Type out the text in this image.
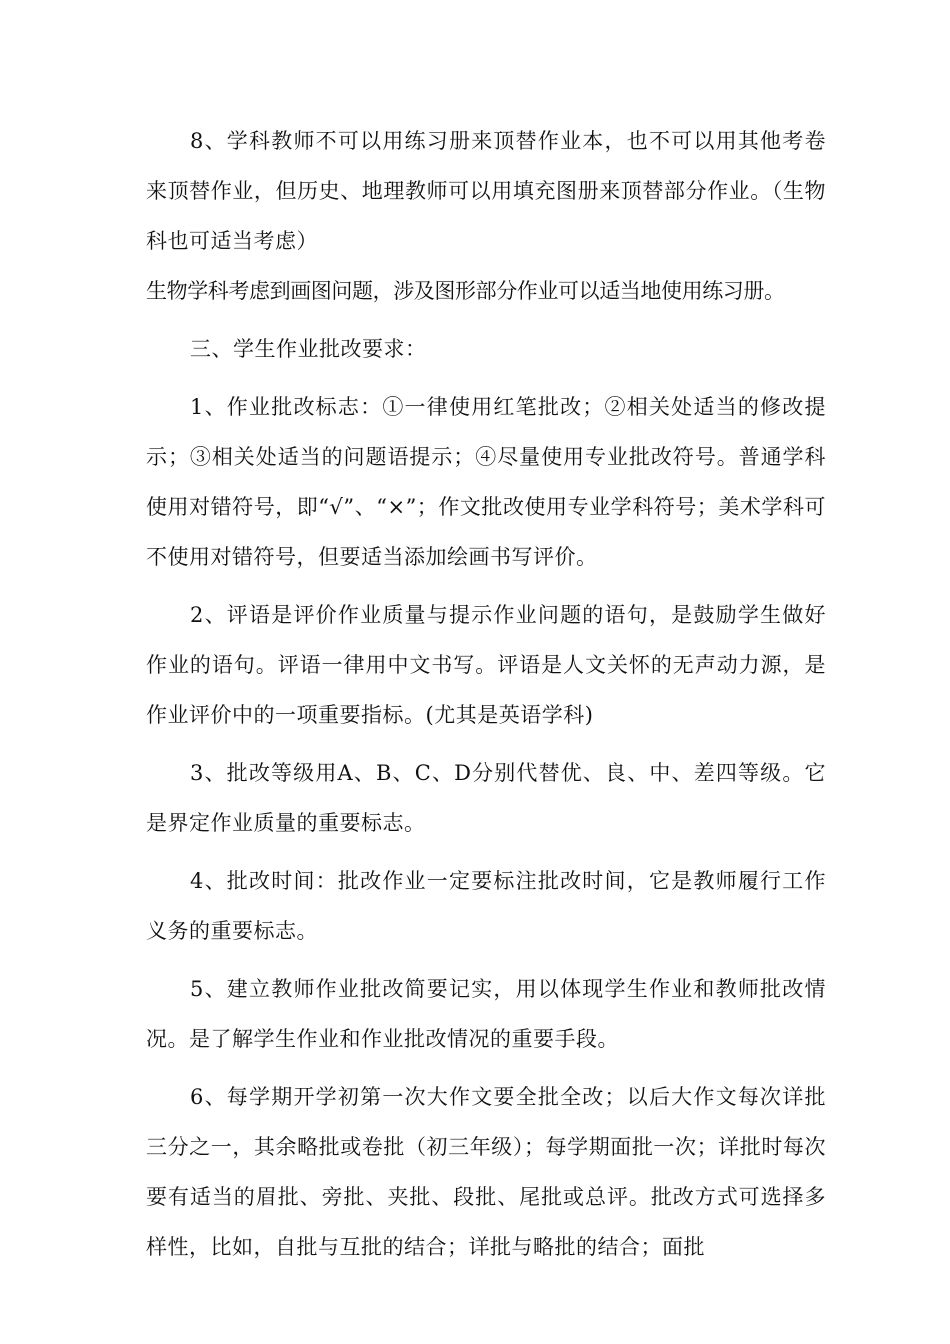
8、学科教师不可以用练习册来顶替作业本，也不可以用其他考卷来顶替作业，但历史、地理教师可以用填充图册来顶替部分作业。（生物科也可适当考虑）

生物学科考虑到画图问题，涉及图形部分作业可以适当地使用练习册。

三、学生作业批改要求：

1、作业批改标志：①一律使用红笔批改；②相关处适当的修改提示；③相关处适当的问题语提示；④尽量使用专业批改符号。普通学科使用对错符号，即“√”、“×”；作文批改使用专业学科符号；美术学科可不使用对错符号，但要适当添加绘画书写评价。

2、评语是评价作业质量与提示作业问题的语句，是鼓励学生做好作业的语句。评语一律用中文书写。评语是人文关怀的无声动力源，是作业评价中的一项重要指标。(尤其是英语学科)

3、批改等级用A、B、C、D分别代替优、良、中、差四等级。它是界定作业质量的重要标志。

4、批改时间：批改作业一定要标注批改时间，它是教师履行工作义务的重要标志。

5、建立教师作业批改简要记实，用以体现学生作业和教师批改情况。是了解学生作业和作业批改情况的重要手段。

6、每学期开学初第一次大作文要全批全改；以后大作文每次详批三分之一，其余略批或卷批（初三年级）；每学期面批一次；详批时每次要有适当的眉批、旁批、夹批、段批、尾批或总评。批改方式可选择多样性，比如，自批与互批的结合；详批与略批的结合；面批
